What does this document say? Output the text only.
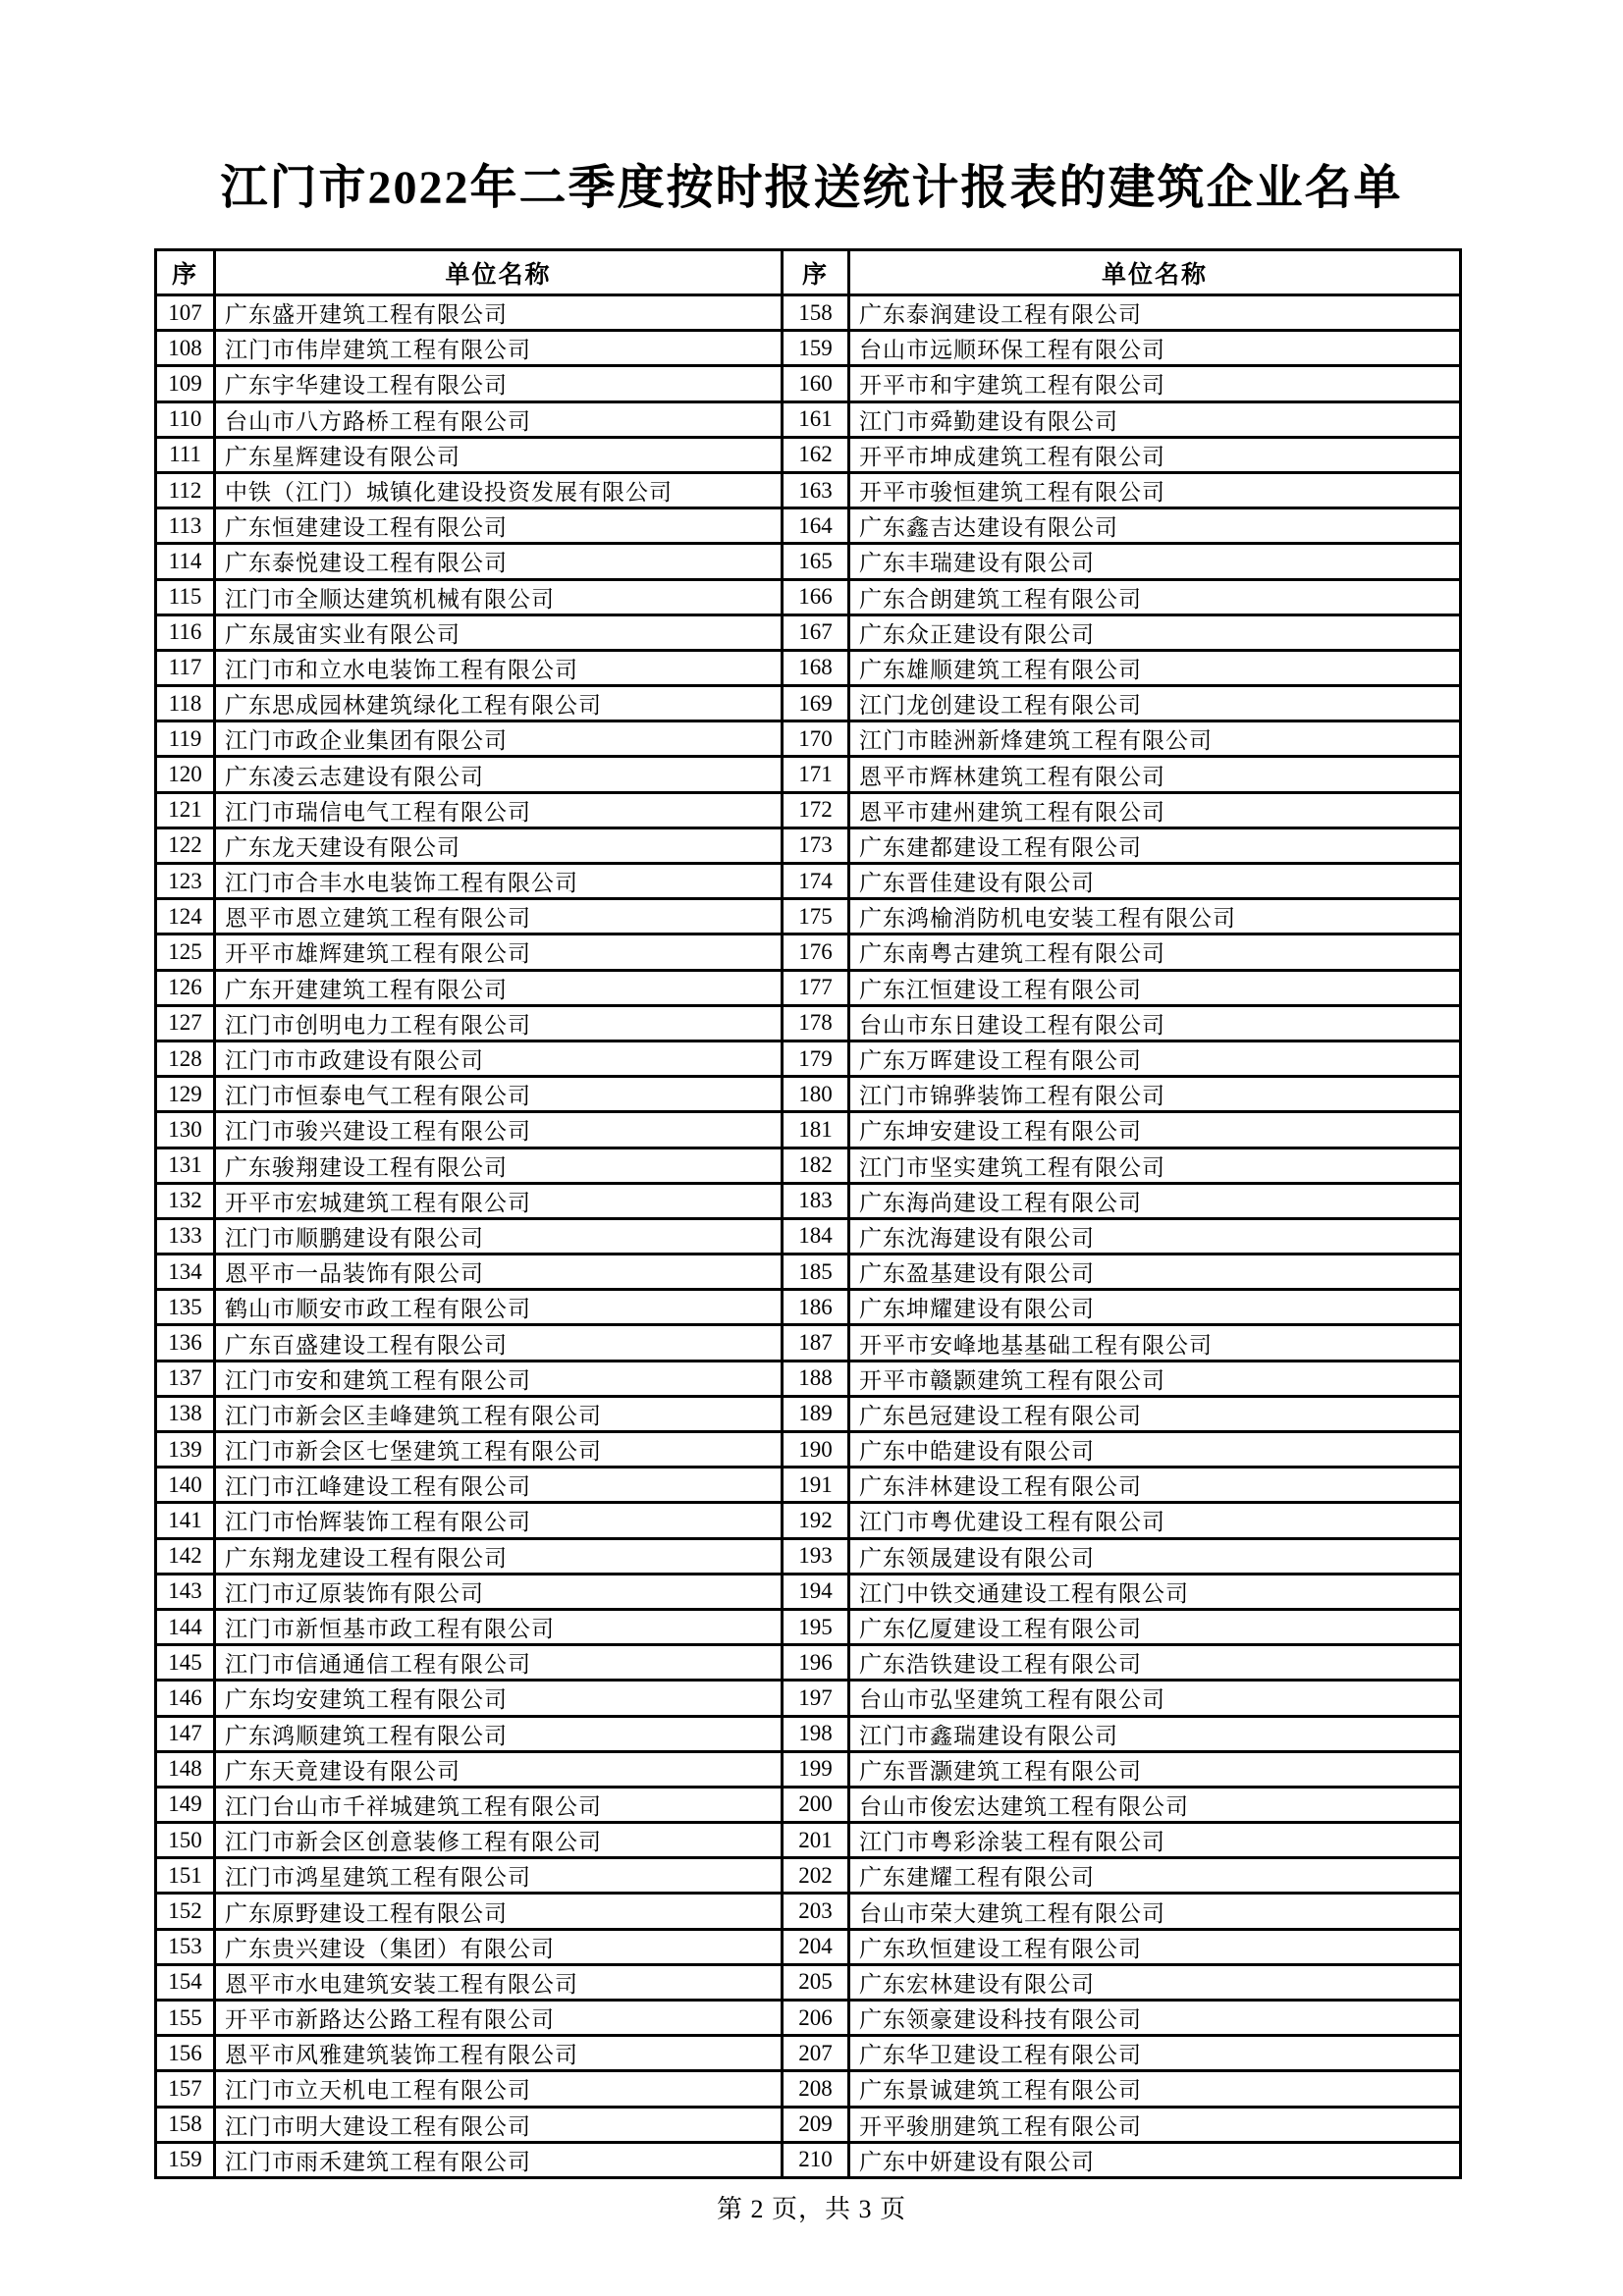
江门市2022年二季度按时报送统计报表的建筑企业名单
序	单位名称	序	单位名称
107	广东盛开建筑工程有限公司	158	广东泰润建设工程有限公司
108	江门市伟岸建筑工程有限公司	159	台山市远顺环保工程有限公司
109	广东宇华建设工程有限公司	160	开平市和宇建筑工程有限公司
110	台山市八方路桥工程有限公司	161	江门市舜勤建设有限公司
111	广东星辉建设有限公司	162	开平市坤成建筑工程有限公司
112	中铁（江门）城镇化建设投资发展有限公司	163	开平市骏恒建筑工程有限公司
113	广东恒建建设工程有限公司	164	广东鑫吉达建设有限公司
114	广东泰悦建设工程有限公司	165	广东丰瑞建设有限公司
115	江门市全顺达建筑机械有限公司	166	广东合朗建筑工程有限公司
116	广东晟宙实业有限公司	167	广东众正建设有限公司
117	江门市和立水电装饰工程有限公司	168	广东雄顺建筑工程有限公司
118	广东思成园林建筑绿化工程有限公司	169	江门龙创建设工程有限公司
119	江门市政企业集团有限公司	170	江门市睦洲新烽建筑工程有限公司
120	广东凌云志建设有限公司	171	恩平市辉林建筑工程有限公司
121	江门市瑞信电气工程有限公司	172	恩平市建州建筑工程有限公司
122	广东龙天建设有限公司	173	广东建都建设工程有限公司
123	江门市合丰水电装饰工程有限公司	174	广东晋佳建设有限公司
124	恩平市恩立建筑工程有限公司	175	广东鸿榆消防机电安装工程有限公司
125	开平市雄辉建筑工程有限公司	176	广东南粤古建筑工程有限公司
126	广东开建建筑工程有限公司	177	广东江恒建设工程有限公司
127	江门市创明电力工程有限公司	178	台山市东日建设工程有限公司
128	江门市市政建设有限公司	179	广东万晖建设工程有限公司
129	江门市恒泰电气工程有限公司	180	江门市锦骅装饰工程有限公司
130	江门市骏兴建设工程有限公司	181	广东坤安建设工程有限公司
131	广东骏翔建设工程有限公司	182	江门市坚实建筑工程有限公司
132	开平市宏城建筑工程有限公司	183	广东海尚建设工程有限公司
133	江门市顺鹏建设有限公司	184	广东沈海建设有限公司
134	恩平市一品装饰有限公司	185	广东盈基建设有限公司
135	鹤山市顺安市政工程有限公司	186	广东坤耀建设有限公司
136	广东百盛建设工程有限公司	187	开平市安峰地基基础工程有限公司
137	江门市安和建筑工程有限公司	188	开平市赣颢建筑工程有限公司
138	江门市新会区圭峰建筑工程有限公司	189	广东邑冠建设工程有限公司
139	江门市新会区七堡建筑工程有限公司	190	广东中皓建设有限公司
140	江门市江峰建设工程有限公司	191	广东沣林建设工程有限公司
141	江门市怡辉装饰工程有限公司	192	江门市粤优建设工程有限公司
142	广东翔龙建设工程有限公司	193	广东领晟建设有限公司
143	江门市辽原装饰有限公司	194	江门中铁交通建设工程有限公司
144	江门市新恒基市政工程有限公司	195	广东亿厦建设工程有限公司
145	江门市信通通信工程有限公司	196	广东浩铁建设工程有限公司
146	广东均安建筑工程有限公司	197	台山市弘坚建筑工程有限公司
147	广东鸿顺建筑工程有限公司	198	江门市鑫瑞建设有限公司
148	广东天竟建设有限公司	199	广东晋灏建筑工程有限公司
149	江门台山市千祥城建筑工程有限公司	200	台山市俊宏达建筑工程有限公司
150	江门市新会区创意装修工程有限公司	201	江门市粤彩涂装工程有限公司
151	江门市鸿星建筑工程有限公司	202	广东建耀工程有限公司
152	广东原野建设工程有限公司	203	台山市荣大建筑工程有限公司
153	广东贵兴建设（集团）有限公司	204	广东玖恒建设工程有限公司
154	恩平市水电建筑安装工程有限公司	205	广东宏林建设有限公司
155	开平市新路达公路工程有限公司	206	广东领豪建设科技有限公司
156	恩平市风雅建筑装饰工程有限公司	207	广东华卫建设工程有限公司
157	江门市立天机电工程有限公司	208	广东景诚建筑工程有限公司
158	江门市明大建设工程有限公司	209	开平骏朋建筑工程有限公司
159	江门市雨禾建筑工程有限公司	210	广东中妍建设有限公司
第 2 页，共 3 页
